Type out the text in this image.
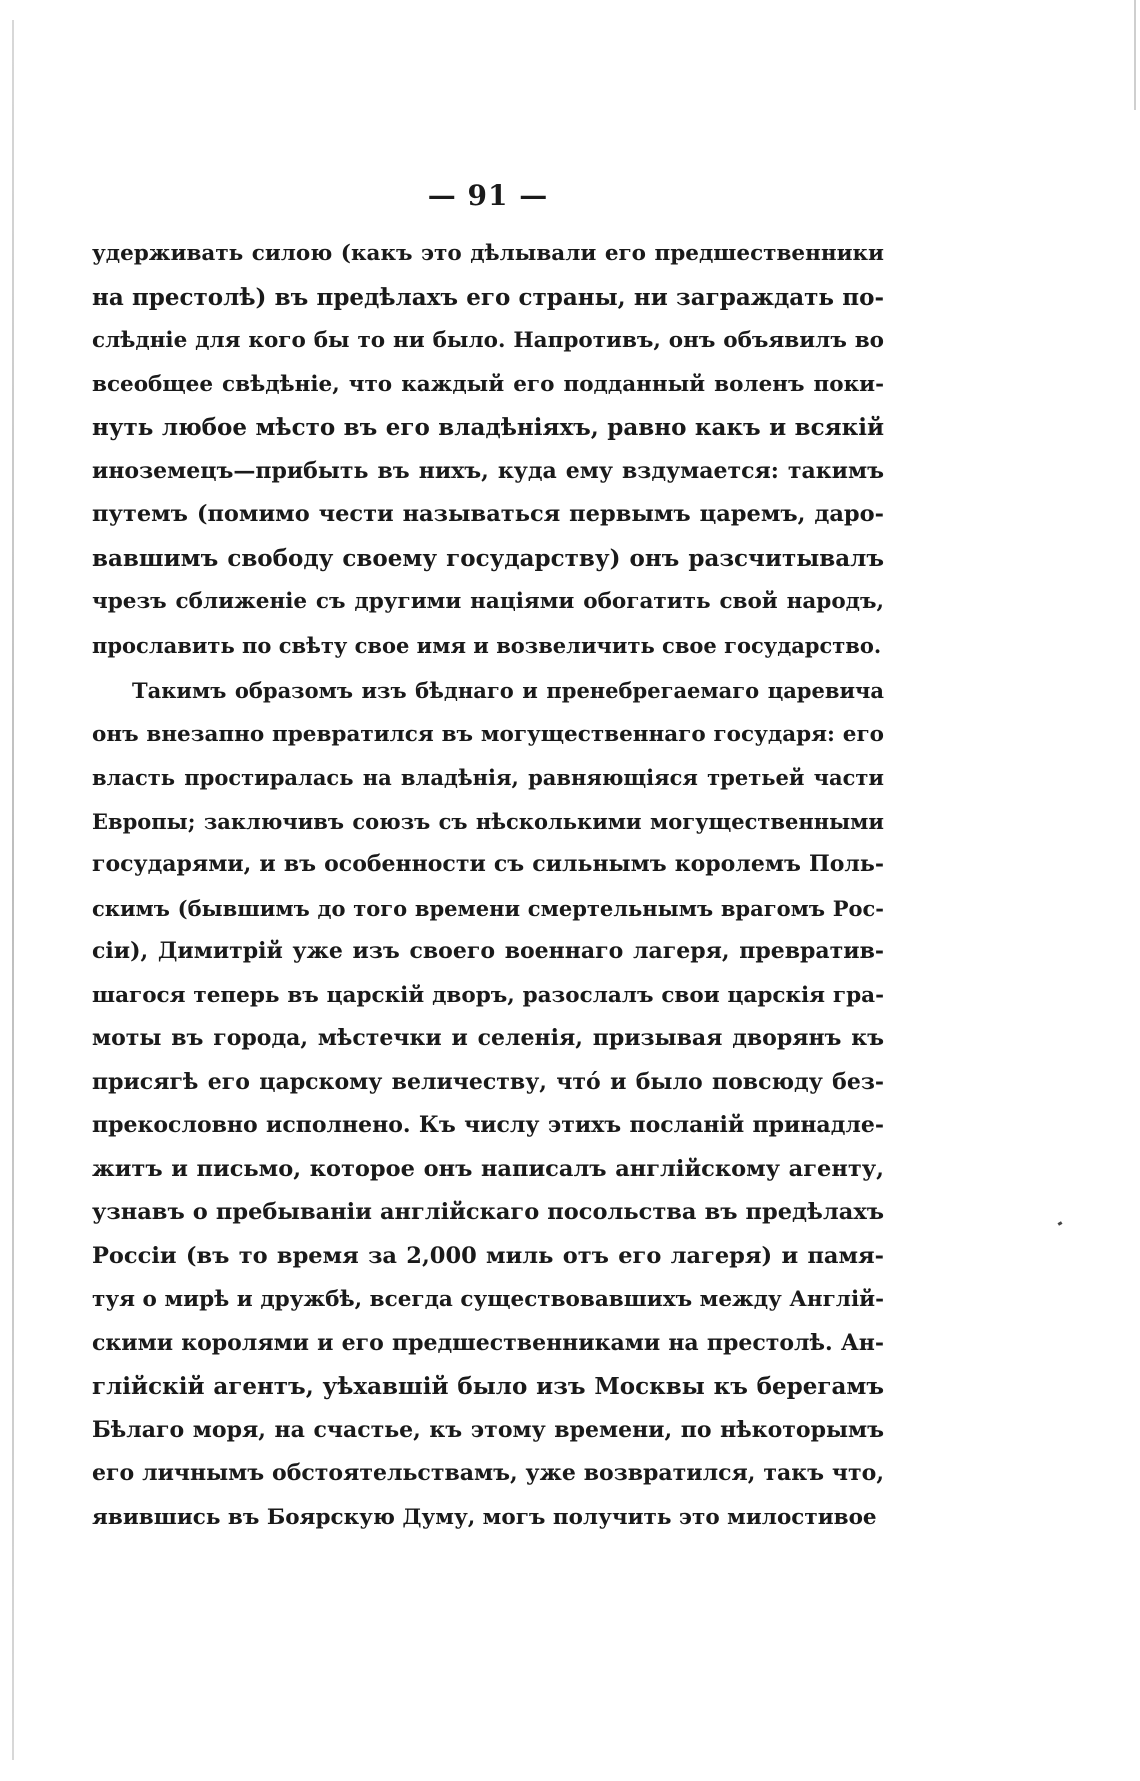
— 91 —
удерживать силою (какъ это дѣлывали его предшественники
на престолѣ) въ предѣлахъ его страны, ни заграждать по-
слѣдніе для кого бы то ни было. Напротивъ, онъ объявилъ во
всеобщее свѣдѣніе, что каждый его подданный воленъ поки-
нуть любое мѣсто въ его владѣніяхъ, равно какъ и всякій
иноземецъ—прибыть въ нихъ, куда ему вздумается: такимъ
путемъ (помимо чести называться первымъ царемъ, даро-
вавшимъ свободу своему государству) онъ разсчитывалъ
чрезъ сближеніе съ другими націями обогатить свой народъ,
прославить по свѣту свое имя и возвеличить свое государство.
Такимъ образомъ изъ бѣднаго и пренебрегаемаго царевича
онъ внезапно превратился въ могущественнаго государя: его
власть простиралась на владѣнія, равняющіяся третьей части
Европы; заключивъ союзъ съ нѣсколькими могущественными
государями, и въ особенности съ сильнымъ королемъ Поль-
скимъ (бывшимъ до того времени смертельнымъ врагомъ Рос-
сіи), Димитрій уже изъ своего военнаго лагеря, превратив-
шагося теперь въ царскій дворъ, разослалъ свои царскія гра-
моты въ города, мѣстечки и селенія, призывая дворянъ къ
присягѣ его царскому величеству, чтó и было повсюду без-
прекословно исполнено. Къ числу этихъ посланій принадле-
житъ и письмо, которое онъ написалъ англійскому агенту,
узнавъ о пребываніи англійскаго посольства въ предѣлахъ
Россіи (въ то время за 2,000 миль отъ его лагеря) и памя-
туя о мирѣ и дружбѣ, всегда существовавшихъ между Англій-
скими королями и его предшественниками на престолѣ. Ан-
глійскій агентъ, уѣхавшій было изъ Москвы къ берегамъ
Бѣлаго моря, на счастье, къ этому времени, по нѣкоторымъ
его личнымъ обстоятельствамъ, уже возвратился, такъ что,
явившись въ Боярскую Думу, могъ получить это милостивое
